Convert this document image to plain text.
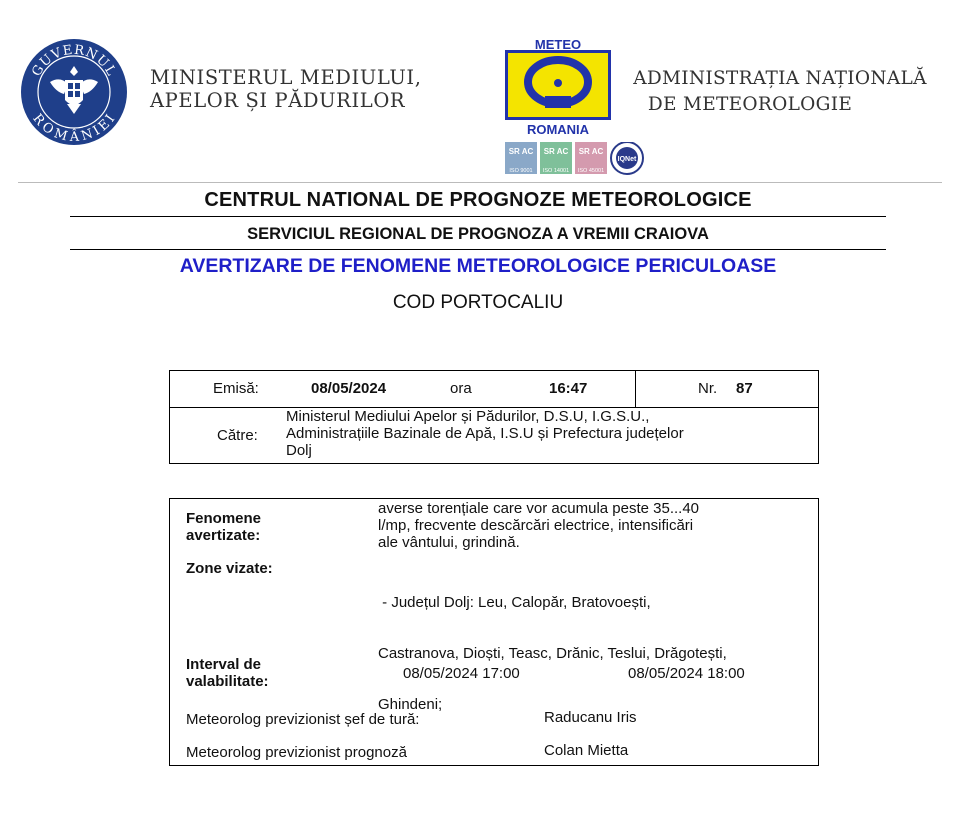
GUVERNUL
ROMÂNIEI
MINISTERUL MEDIULUI,
APELOR ȘI PĂDURILOR
METEO
ROMANIA
SR AC
ISO 9001
SR AC
ISO 14001
SR AC
ISO 45001
IQNet
ADMINISTRAȚIA NAȚIONALĂ
DE METEOROLOGIE
CENTRUL NATIONAL DE PROGNOZE METEOROLOGICE
SERVICIUL REGIONAL DE PROGNOZA A VREMII CRAIOVA
AVERTIZARE DE FENOMENE METEOROLOGICE PERICULOASE
COD PORTOCALIU
Emisă:	08/05/2024	ora	16:47	Nr. 87
Către:
Ministerul Mediului Apelor și Pădurilor, D.S.U, I.G.S.U.,
Administrațiile Bazinale de Apă, I.S.U și Prefectura județelor
Dolj
Fenomene
avertizate:
averse torențiale care vor acumula peste 35...40
l/mp, frecvente descărcări electrice, intensificări
ale vântului, grindină.
Zone vizate:

- Județul Dolj: Leu, Calopăr, Bratovoești,

Castranova, Dioști, Teasc, Drănic, Teslui, Drăgotești,

Ghindeni;

Interval de
valabilitate:	08/05/2024 17:00	08/05/2024 18:00
Meteorolog previzionist șef de tură:	Raducanu Iris
Meteorolog previzionist prognoză	Colan Mietta
